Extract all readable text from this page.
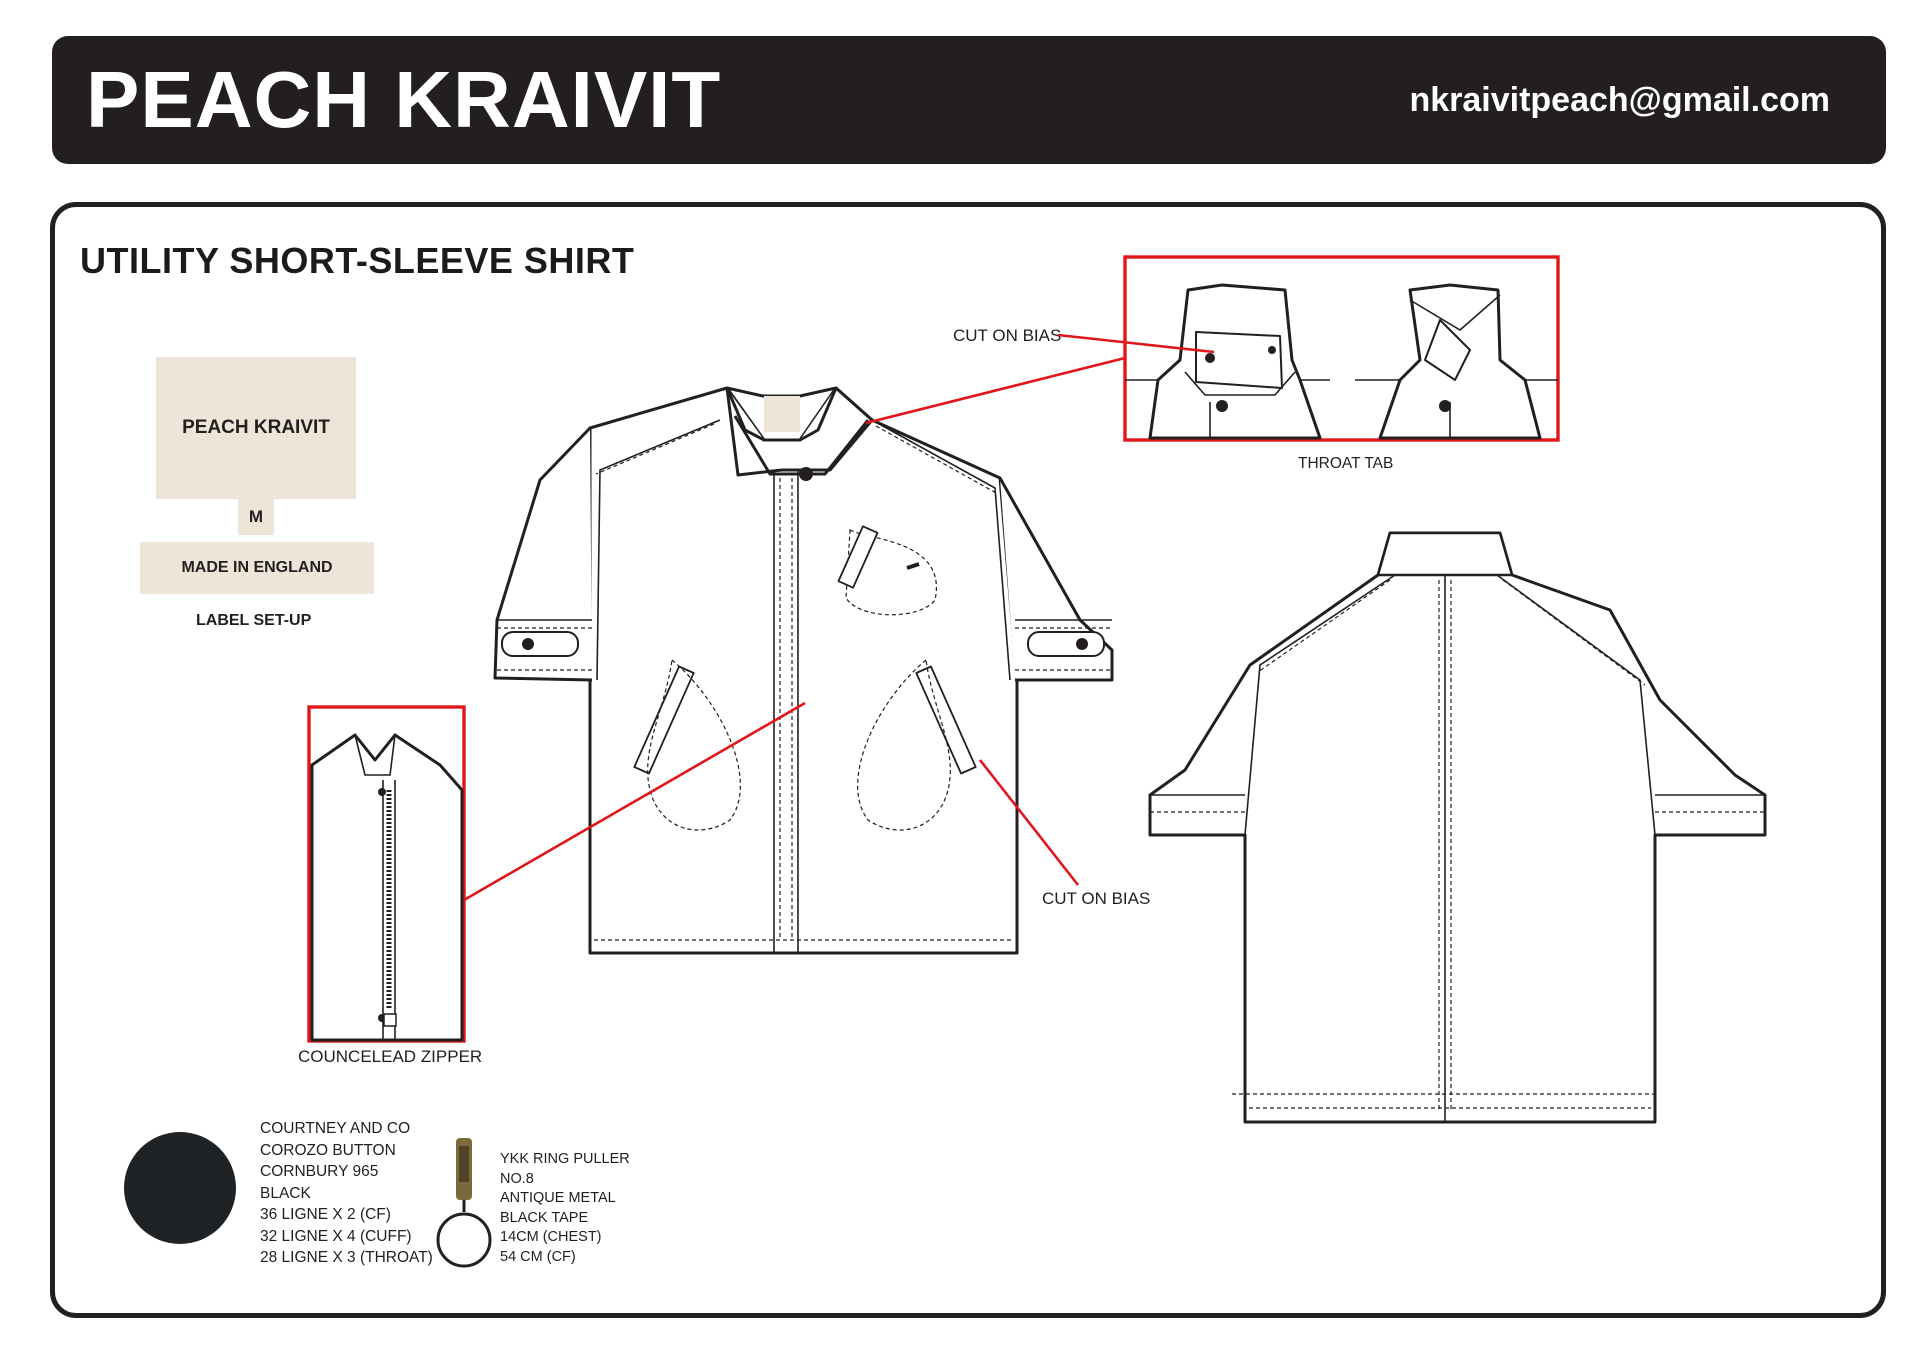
PEACH KRAIVIT	nkraivitpeach@gmail.com
UTILITY SHORT-SLEEVE SHIRT
PEACH KRAIVIT
M
MADE IN ENGLAND
LABEL SET-UP
CUT ON BIAS
THROAT TAB
CUT ON BIAS
COUNCELEAD ZIPPER
COURTNEY AND CO
COROZO BUTTON
CORNBURY 965
BLACK
36 LIGNE X 2 (CF)
32 LIGNE X 4 (CUFF)
28 LIGNE X 3 (THROAT)
YKK RING PULLER
NO.8
ANTIQUE METAL
BLACK TAPE
14CM (CHEST)
54 CM (CF)
